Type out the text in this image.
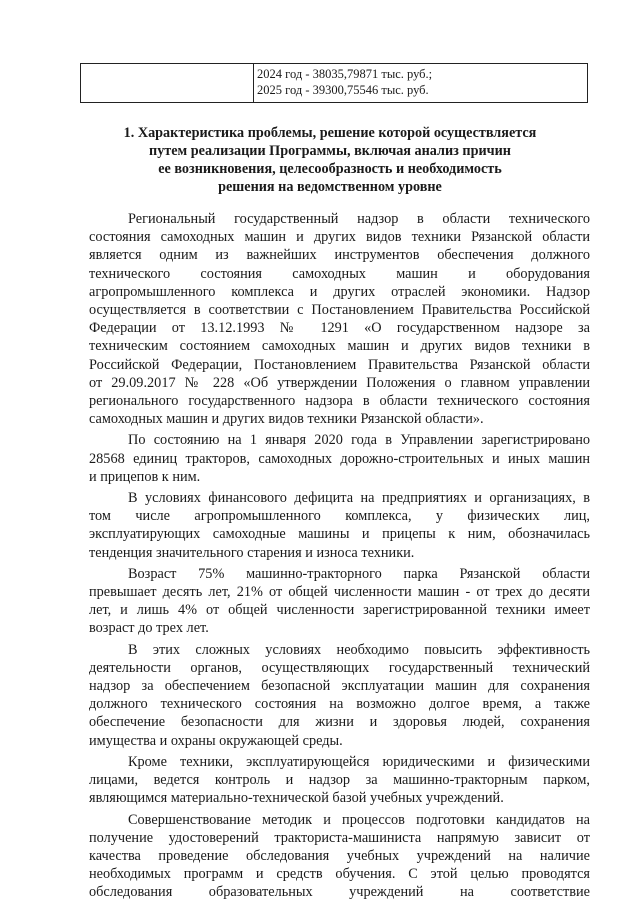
2024 год - 38035,79871 тыс. руб.;
2025 год - 39300,75546 тыс. руб.
1. Характеристика проблемы, решение которой осуществляется
путем реализации Программы, включая анализ причин
ее возникновения, целесообразность и необходимость
решения на ведомственном уровне
Региональный государственный надзор в области технического
состояния самоходных машин и других видов техники Рязанской области
является одним из важнейших инструментов обеспечения должного
технического состояния самоходных машин и оборудования
агропромышленного комплекса и других отраслей экономики. Надзор
осуществляется в соответствии с Постановлением Правительства Российской
Федерации от 13.12.1993 № 1291 «О государственном надзоре за
техническим состоянием самоходных машин и других видов техники в
Российской Федерации, Постановлением Правительства Рязанской области
от 29.09.2017 № 228 «Об утверждении Положения о главном управлении
регионального государственного надзора в области технического состояния
самоходных машин и других видов техники Рязанской области».
По состоянию на 1 января 2020 года в Управлении зарегистрировано
28568 единиц тракторов, самоходных дорожно-строительных и иных машин
и прицепов к ним.
В условиях финансового дефицита на предприятиях и организациях, в
том числе агропромышленного комплекса, у физических лиц,
эксплуатирующих самоходные машины и прицепы к ним, обозначилась
тенденция значительного старения и износа техники.
Возраст 75% машинно-тракторного парка Рязанской области
превышает десять лет, 21% от общей численности машин - от трех до десяти
лет, и лишь 4% от общей численности зарегистрированной техники имеет
возраст до трех лет.
В этих сложных условиях необходимо повысить эффективность
деятельности органов, осуществляющих государственный технический
надзор за обеспечением безопасной эксплуатации машин для сохранения
должного технического состояния на возможно долгое время, а также
обеспечение безопасности для жизни и здоровья людей, сохранения
имущества и охраны окружающей среды.
Кроме техники, эксплуатирующейся юридическими и физическими
лицами, ведется контроль и надзор за машинно-тракторным парком,
являющимся материально-технической базой учебных учреждений.
Совершенствование методик и процессов подготовки кандидатов на
получение удостоверений тракториста-машиниста напрямую зависит от
качества проведение обследования учебных учреждений на наличие
необходимых программ и средств обучения. С этой целью проводятся
обследования образовательных учреждений на соответствие
